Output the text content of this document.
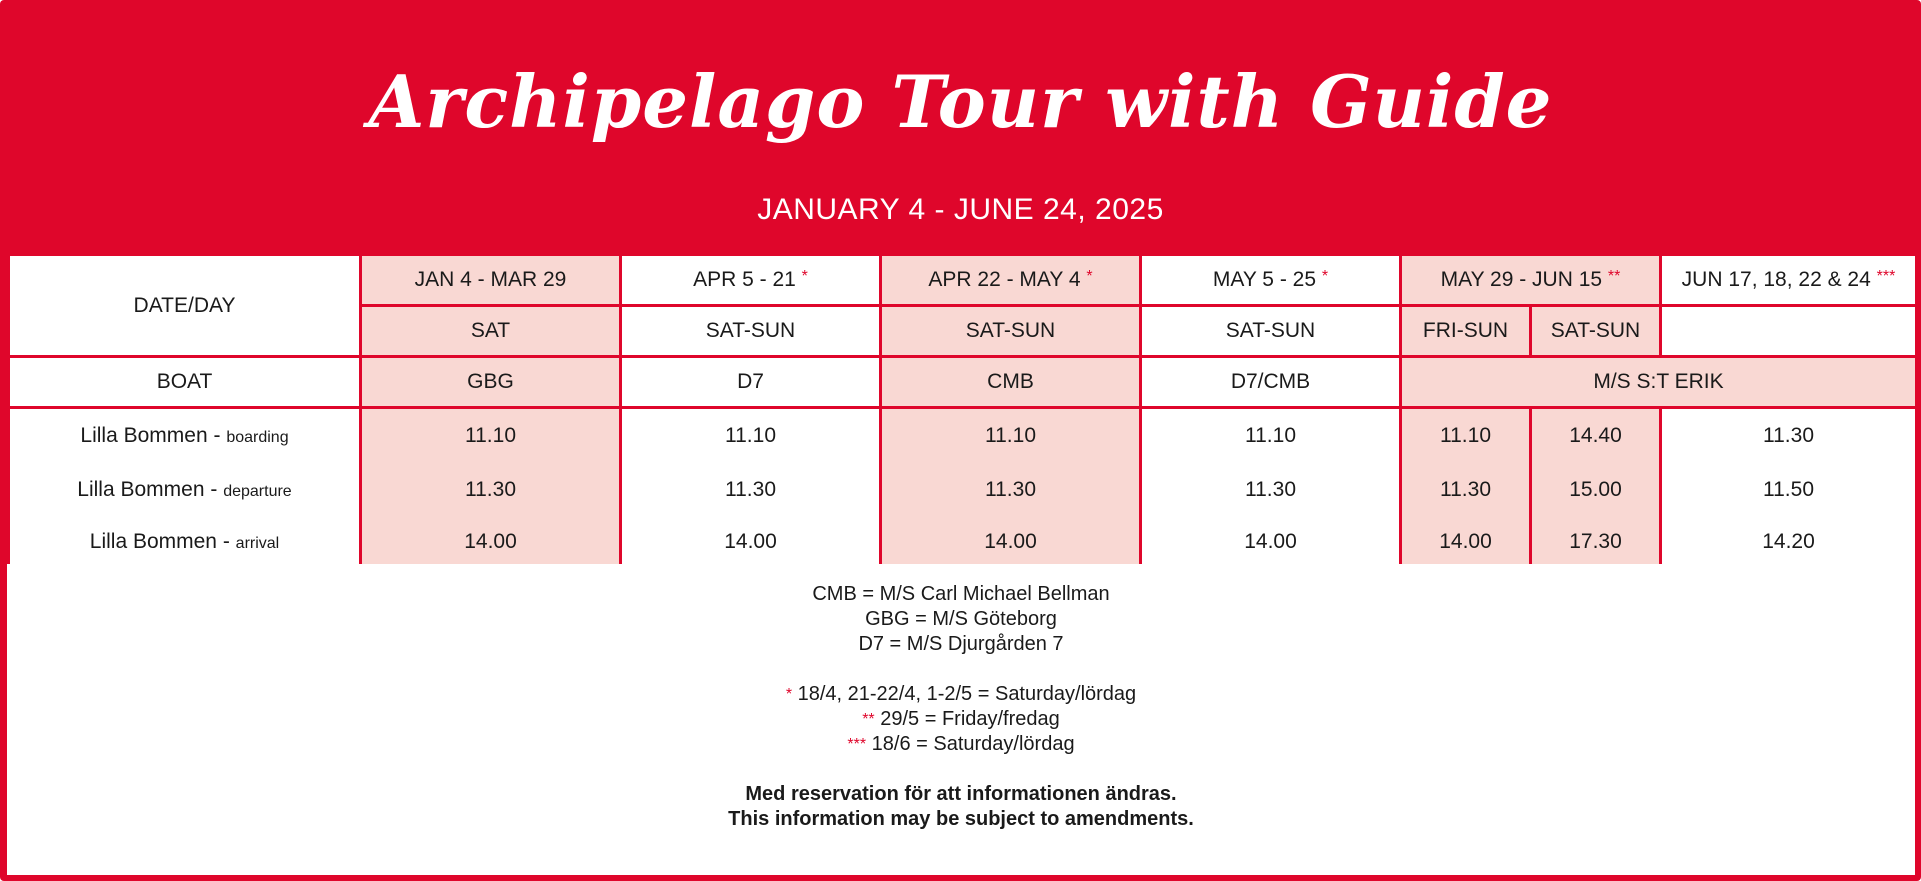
Archipelago Tour with Guide
JANUARY 4 - JUNE 24, 2025
DATE/DAY	JAN 4 - MAR 29	APR 5 - 21 *	APR 22 - MAY 4 *	MAY 5 - 25 *	MAY 29 - JUN 15 **		JUN 17, 18, 22 & 24 ***
	SAT	SAT-SUN	SAT-SUN	SAT-SUN	FRI-SUN	SAT-SUN	
BOAT	GBG	D7	CMB	D7/CMB	M/S S:T ERIK		
Lilla Bommen - boarding	11.10	11.10	11.10	11.10	11.10	14.40	11.30
Lilla Bommen - departure	11.30	11.30	11.30	11.30	11.30	15.00	11.50
Lilla Bommen - arrival	14.00	14.00	14.00	14.00	14.00	17.30	14.20
CMB = M/S Carl Michael Bellman
GBG = M/S Göteborg
D7 = M/S Djurgården 7
* 18/4, 21-22/4, 1-2/5 = Saturday/lördag
** 29/5 = Friday/fredag
*** 18/6 = Saturday/lördag
Med reservation för att informationen ändras.
This information may be subject to amendments.
